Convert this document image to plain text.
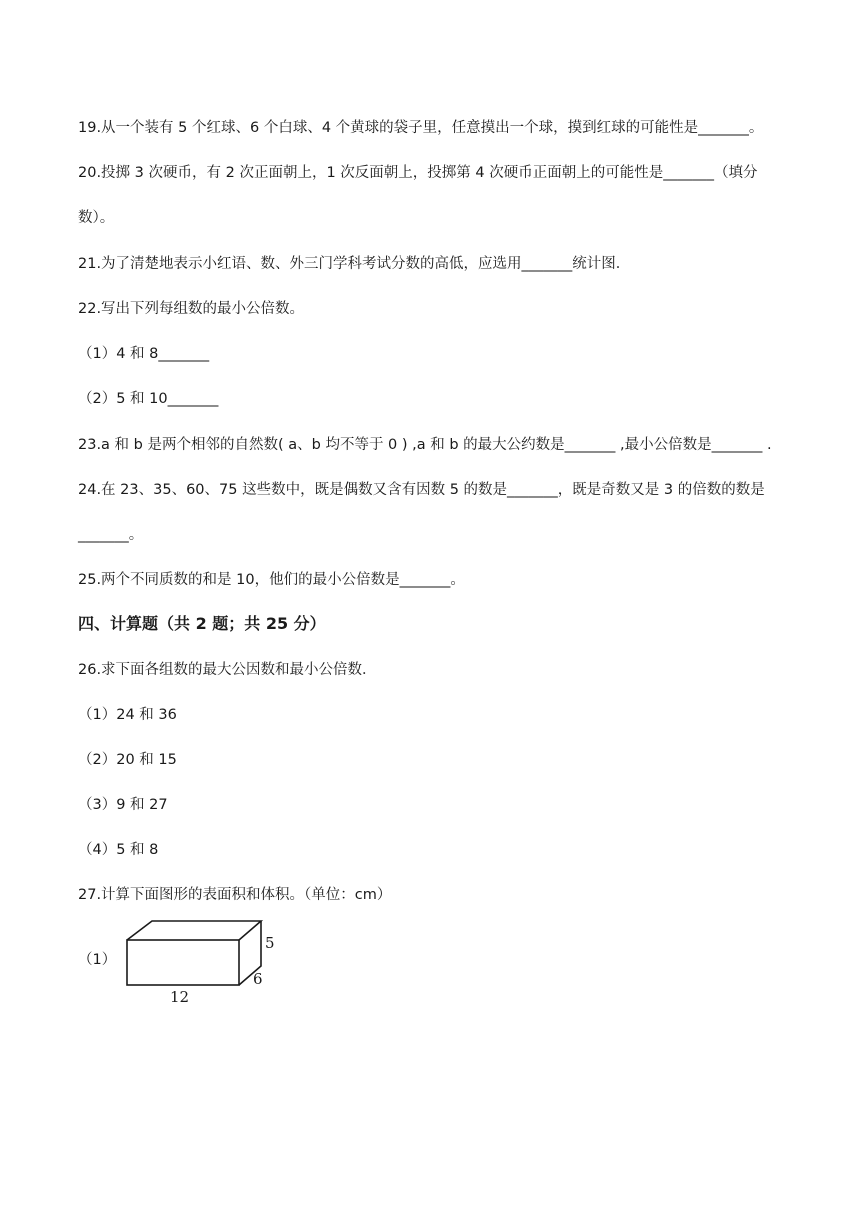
19.从一个装有 5 个红球、6 个白球、4 个黄球的袋子里，任意摸出一个球，摸到红球的可能性是_______。
20.投掷 3 次硬币，有 2 次正面朝上，1 次反面朝上，投掷第 4 次硬币正面朝上的可能性是_______（填分
数）。
21.为了清楚地表示小红语、数、外三门学科考试分数的高低，应选用_______统计图．
22.写出下列每组数的最小公倍数。
（1）4 和 8_______
（2）5 和 10_______
23.a 和 b 是两个相邻的自然数( a、b 均不等于 0 ) ,a 和 b 的最大公约数是_______ ,最小公倍数是_______ .
24.在 23、35、60、75 这些数中，既是偶数又含有因数 5 的数是_______，既是奇数又是 3 的倍数的数是
_______。
25.两个不同质数的和是 10，他们的最小公倍数是_______。
四、计算题（共 2 题；共 25 分）
26.求下面各组数的最大公因数和最小公倍数．
（1）24 和 36
（2）20 和 15
（3）9 和 27
（4）5 和 8
27.计算下面图形的表面积和体积。（单位：cm）
（1）
5
6
12
